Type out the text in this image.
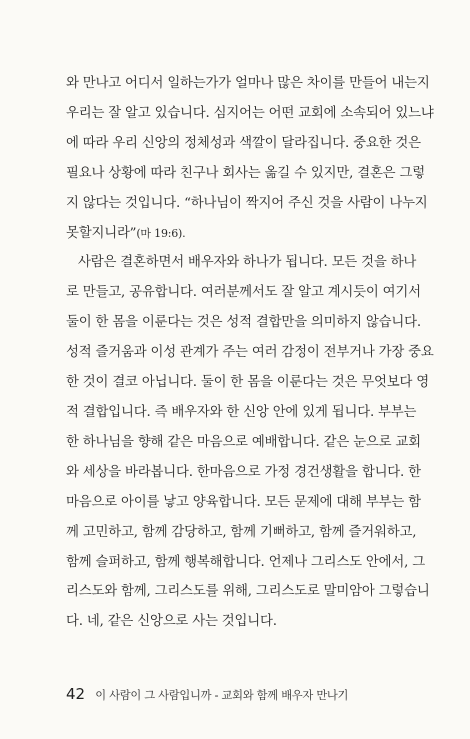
와 만나고 어디서 일하는가가 얼마나 많은 차이를 만들어 내는지
우리는 잘 알고 있습니다. 심지어는 어떤 교회에 소속되어 있느냐
에 따라 우리 신앙의 정체성과 색깔이 달라집니다. 중요한 것은
필요나 상황에 따라 친구나 회사는 옮길 수 있지만, 결혼은 그렇
지 않다는 것입니다. “하나님이 짝지어 주신 것을 사람이 나누지
못할지니라”(마 19:6).
사람은 결혼하면서 배우자와 하나가 됩니다. 모든 것을 하나
로 만들고, 공유합니다. 여러분께서도 잘 알고 계시듯이 여기서
둘이 한 몸을 이룬다는 것은 성적 결합만을 의미하지 않습니다.
성적 즐거움과 이성 관계가 주는 여러 감정이 전부거나 가장 중요
한 것이 결코 아닙니다. 둘이 한 몸을 이룬다는 것은 무엇보다 영
적 결합입니다. 즉 배우자와 한 신앙 안에 있게 됩니다. 부부는
한 하나님을 향해 같은 마음으로 예배합니다. 같은 눈으로 교회
와 세상을 바라봅니다. 한마음으로 가정 경건생활을 합니다. 한
마음으로 아이를 낳고 양육합니다. 모든 문제에 대해 부부는 함
께 고민하고, 함께 감당하고, 함께 기뻐하고, 함께 즐거워하고,
함께 슬퍼하고, 함께 행복해합니다. 언제나 그리스도 안에서, 그
리스도와 함께, 그리스도를 위해, 그리스도로 말미암아 그렇습니
다. 네, 같은 신앙으로 사는 것입니다.
42 이 사람이 그 사람입니까 - 교회와 함께 배우자 만나기
